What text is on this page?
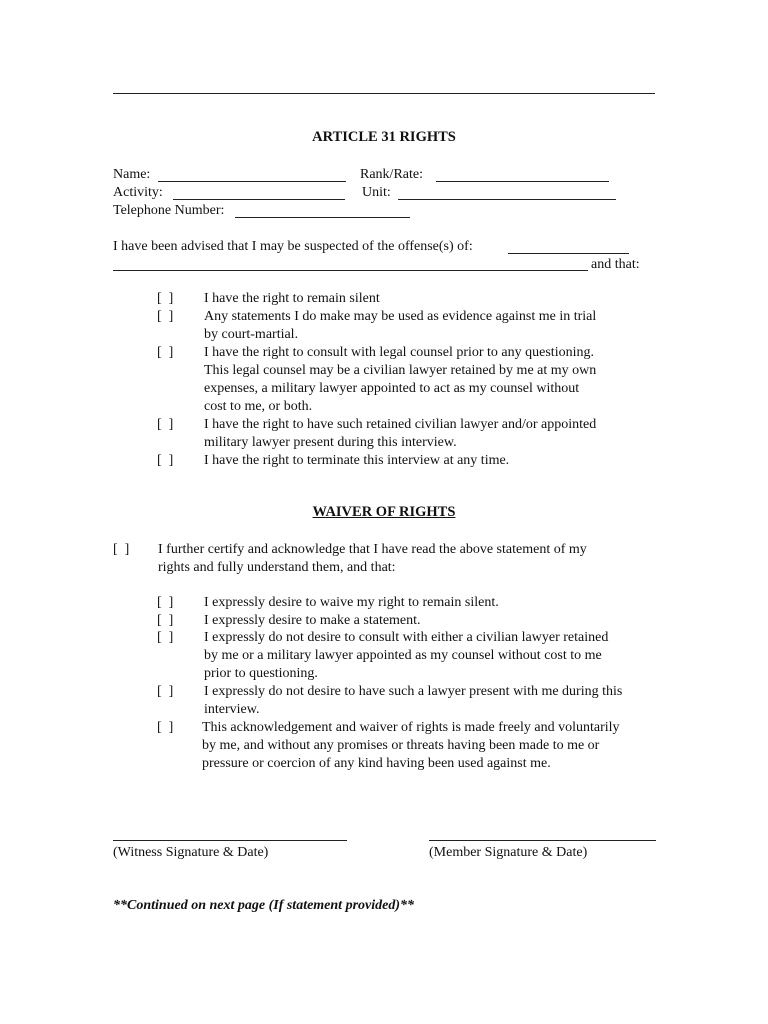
ARTICLE 31 RIGHTS
Name:	Rank/Rate:
Activity:	Unit:
Telephone Number:
I have been advised that I may be suspected of the offense(s) of:
and that:
[  ] I have the right to remain silent
[  ] Any statements I do make may be used as evidence against me in trial
by court-martial.
[  ] I have the right to consult with legal counsel prior to any questioning.
This legal counsel may be a civilian lawyer retained by me at my own
expenses, a military lawyer appointed to act as my counsel without
cost to me, or both.
[  ] I have the right to have such retained civilian lawyer and/or appointed
military lawyer present during this interview.
[  ] I have the right to terminate this interview at any time.
WAIVER OF RIGHTS
[  ] I further certify and acknowledge that I have read the above statement of my
rights and fully understand them, and that:
[  ] I expressly desire to waive my right to remain silent.
[  ] I expressly desire to make a statement.
[  ] I expressly do not desire to consult with either a civilian lawyer retained
by me or a military lawyer appointed as my counsel without cost to me
prior to questioning.
[  ] I expressly do not desire to have such a lawyer present with me during this
interview.
[  ] This acknowledgement and waiver of rights is made freely and voluntarily
by me, and without any promises or threats having been made to me or
pressure or coercion of any kind having been used against me.
(Witness Signature & Date)	(Member Signature & Date)
**Continued on next page (If statement provided)**
